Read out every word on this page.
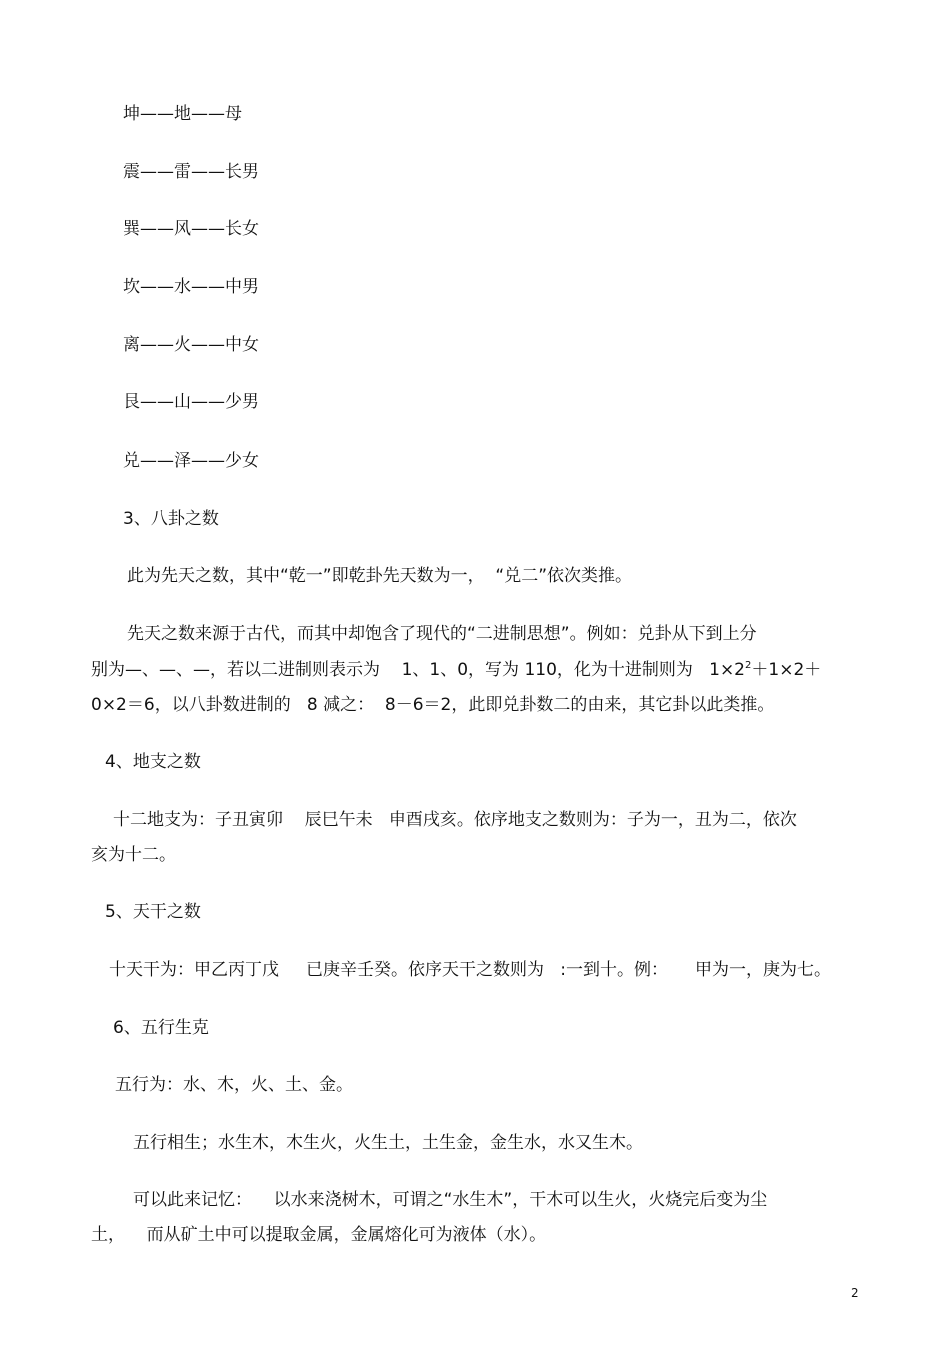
坤——地——母
震——雷——长男
巽——风——长女
坎——水——中男
离——火——中女
艮——山——少男
兑——泽——少女
3、八卦之数
此为先天之数，其中“乾一”即乾卦先天数为一，  “兑二”依次类推。
先天之数来源于古代，而其中却饱含了现代的“二进制思想”。例如：兑卦从下到上分
别为—、—、—，若以二进制则表示为    1、1、0，写为 110，化为十进制则为   $1\times 2^2+1\times 2+$
0×2＝6，以八卦数进制的   8 减之：  8－6＝2，此即兑卦数二的由来，其它卦以此类推。
4、地支之数
十二地支为：子丑寅卯    辰巳午未   申酉戌亥。依序地支之数则为：子为一，丑为二，依次
亥为十二。
5、天干之数
十天干为：甲乙丙丁戊     已庚辛壬癸。依序天干之数则为   :一到十。例：     甲为一，庚为七。
6、五行生克
五行为：水、木，火、土、金。
五行相生；水生木，木生火，火生土，土生金，金生水，水又生木。
可以此来记忆：    以水来浇树木，可谓之“水生木”，干木可以生火，火烧完后变为尘
土，    而从矿土中可以提取金属，金属熔化可为液体（水）。
2
